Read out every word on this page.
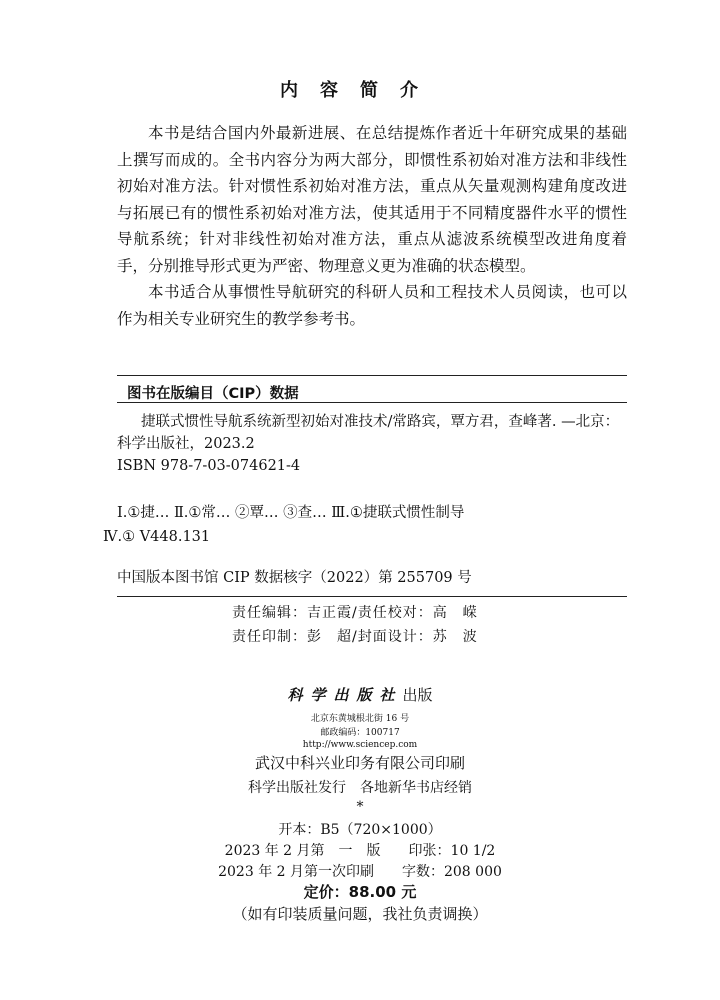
内容简介

本书是结合国内外最新进展、在总结提炼作者近十年研究成果的基础上撰写而成的。全书内容分为两大部分，即惯性系初始对准方法和非线性初始对准方法。针对惯性系初始对准方法，重点从矢量观测构建角度改进与拓展已有的惯性系初始对准方法，使其适用于不同精度器件水平的惯性导航系统；针对非线性初始对准方法，重点从滤波系统模型改进角度着手，分别推导形式更为严密、物理意义更为准确的状态模型。

本书适合从事惯性导航研究的科研人员和工程技术人员阅读，也可以作为相关专业研究生的教学参考书。

图书在版编目（CIP）数据
捷联式惯性导航系统新型初始对准技术/常路宾，覃方君，查峰著. —北京：
科学出版社，2023.2
ISBN 978-7-03-074621-4
Ⅰ.①捷… Ⅱ.①常… ②覃… ③查… Ⅲ.①捷联式惯性制导
Ⅳ.① V448.131
中国版本图书馆 CIP 数据核字（2022）第 255709 号
责任编辑：吉正霞/责任校对：高　嵘
责任印制：彭　超/封面设计：苏　波
科学出版社出版
北京东黄城根北街 16 号
邮政编码：100717
http://www.sciencep.com
武汉中科兴业印务有限公司印刷
科学出版社发行　各地新华书店经销
*
开本：B5（720×1000）
2023 年 2 月第　一　版　　印张：10 1/2
2023 年 2 月第一次印刷　　字数：208 000
定价：88.00 元
（如有印装质量问题，我社负责调换）
